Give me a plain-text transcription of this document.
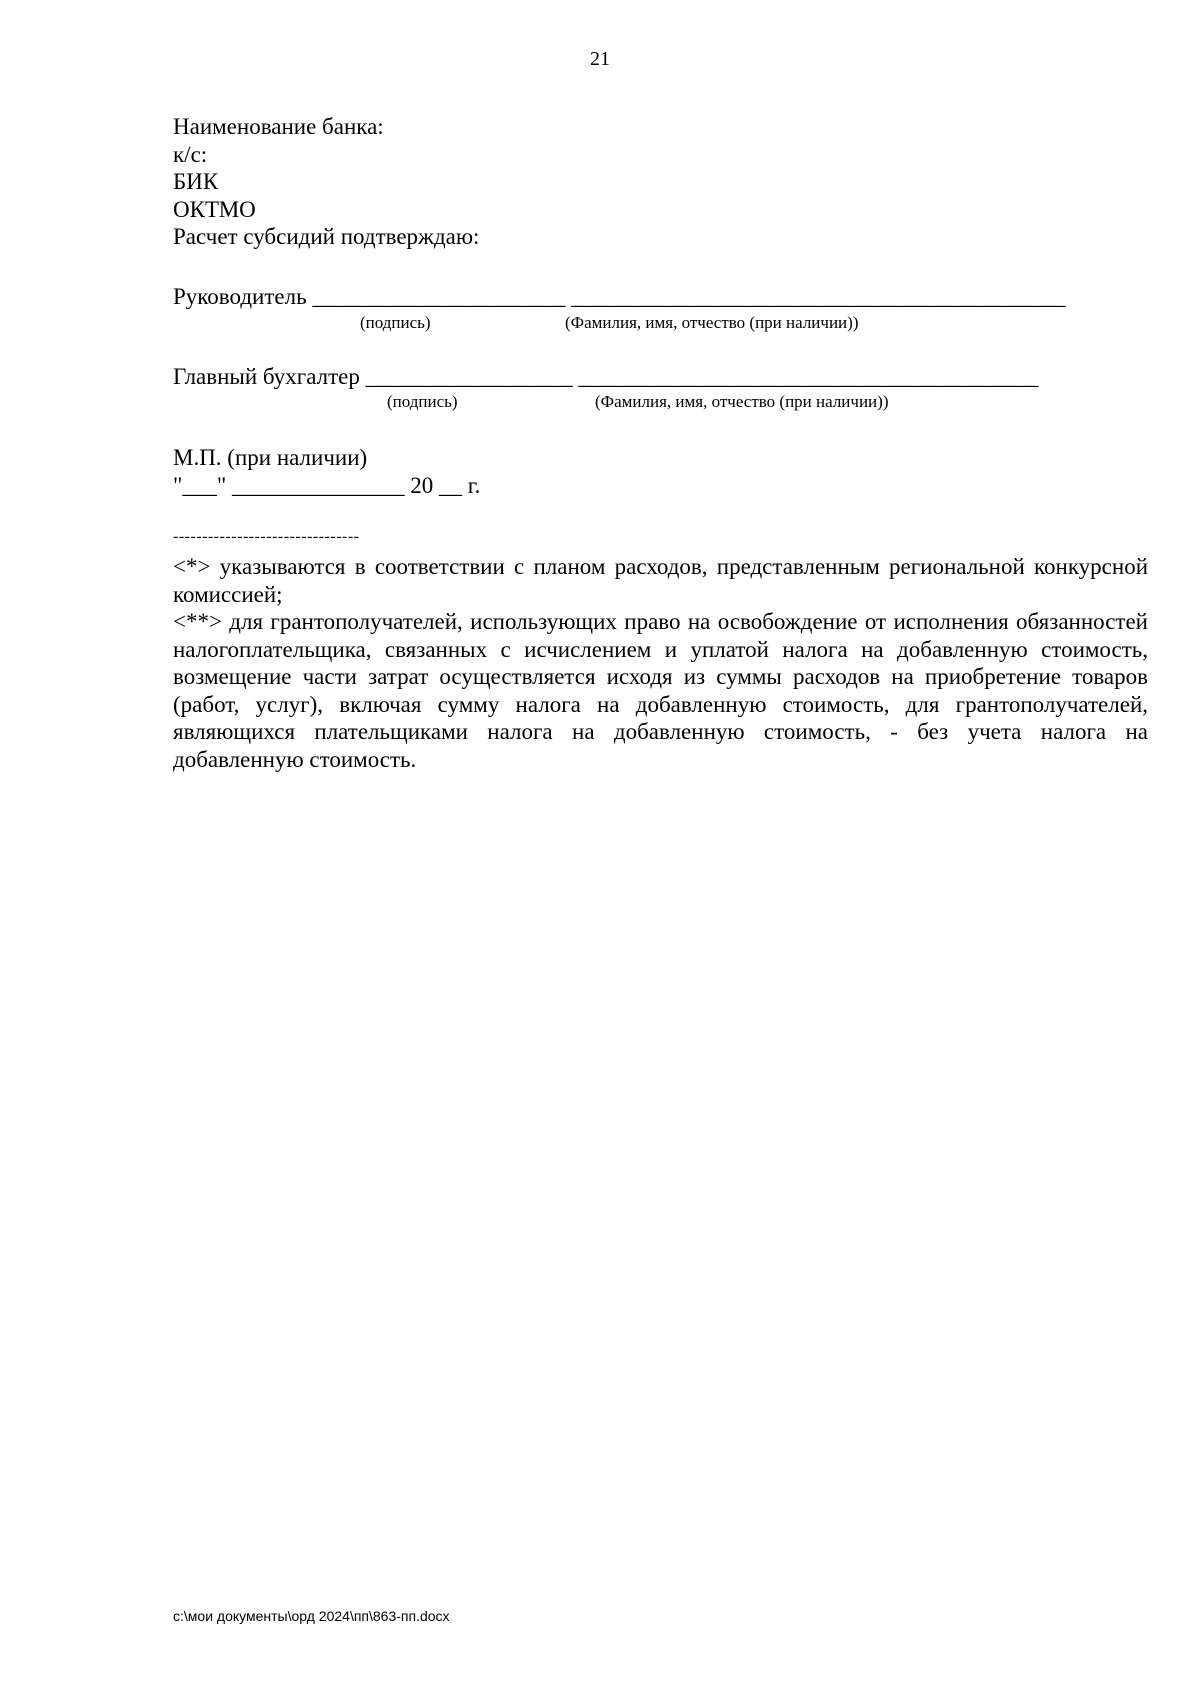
21
Наименование банка:
к/с:
БИК
ОКТМО
Расчет субсидий подтверждаю:
Руководитель ______________________ ___________________________________________
(подпись)	(Фамилия, имя, отчество (при наличии))
Главный бухгалтер __________________ ________________________________________
(подпись)	(Фамилия, имя, отчество (при наличии))
М.П. (при наличии)
"___" _______________ 20 __ г.
--------------------------------

<*> указываются в соответствии с планом расходов, представленным региональной конкурсной комиссией;

<**> для грантополучателей, использующих право на освобождение от исполнения обязанностей налогоплательщика, связанных с исчислением и уплатой налога на добавленную стоимость, возмещение части затрат осуществляется исходя из суммы расходов на приобретение товаров (работ, услуг), включая сумму налога на добавленную стоимость, для грантополучателей, являющихся плательщиками налога на добавленную стоимость, - без учета налога на добавленную стоимость.

c:\мои документы\орд 2024\пп\863-пп.docx
